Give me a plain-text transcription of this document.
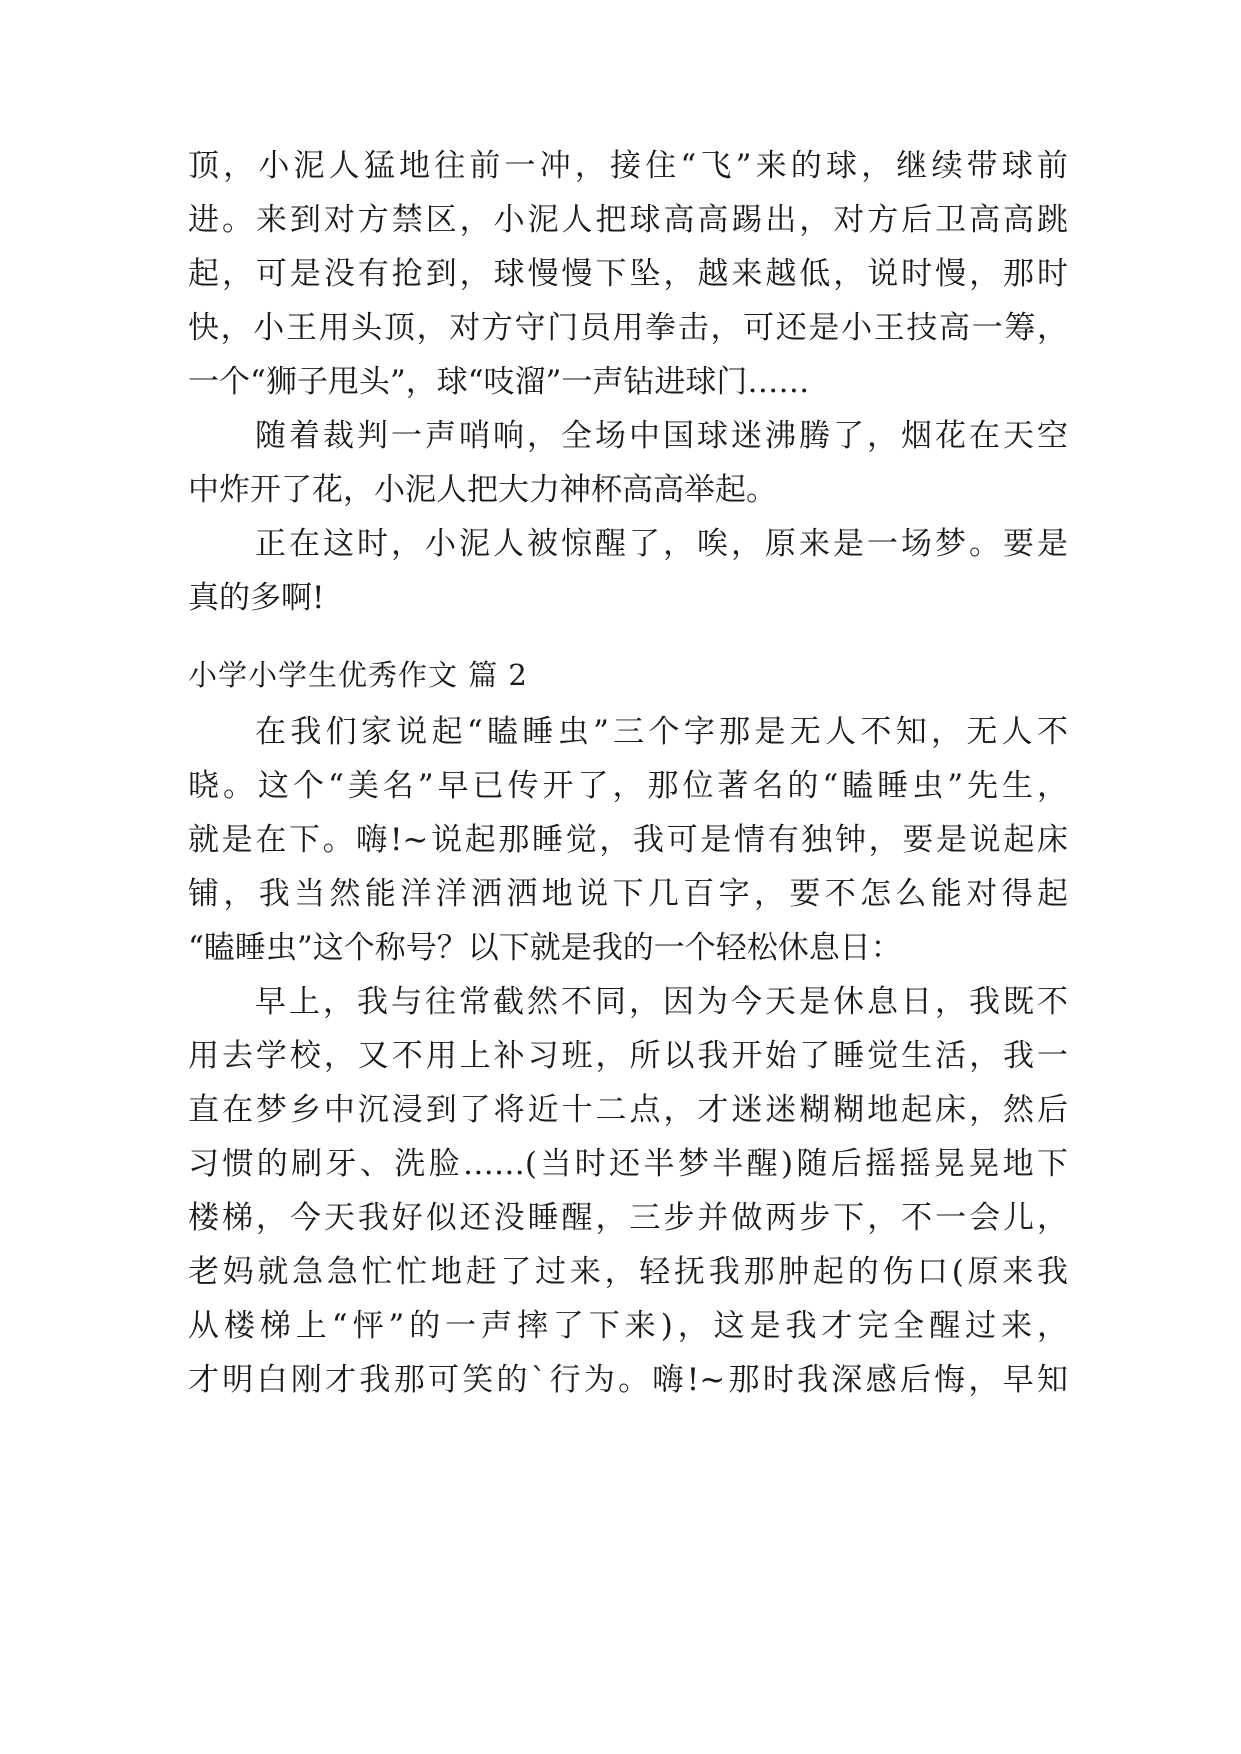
顶，小泥人猛地往前一冲，接住“飞”来的球，继续带球前
进。来到对方禁区，小泥人把球高高踢出，对方后卫高高跳
起，可是没有抢到，球慢慢下坠，越来越低，说时慢，那时
快，小王用头顶，对方守门员用拳击，可还是小王技高一筹，
一个“狮子甩头”，球“吱溜”一声钻进球门……
随着裁判一声哨响，全场中国球迷沸腾了，烟花在天空
中炸开了花，小泥人把大力神杯高高举起。
正在这时，小泥人被惊醒了，唉，原来是一场梦。要是
真的多啊!
小学小学生优秀作文 篇 2
在我们家说起“瞌睡虫”三个字那是无人不知，无人不
晓。这个“美名”早已传开了，那位著名的“瞌睡虫”先生，
就是在下。嗨!~说起那睡觉，我可是情有独钟，要是说起床
铺，我当然能洋洋洒洒地说下几百字，要不怎么能对得起
“瞌睡虫”这个称号？以下就是我的一个轻松休息日：
早上，我与往常截然不同，因为今天是休息日，我既不
用去学校，又不用上补习班，所以我开始了睡觉生活，我一
直在梦乡中沉浸到了将近十二点，才迷迷糊糊地起床，然后
习惯的刷牙、洗脸……(当时还半梦半醒)随后摇摇晃晃地下
楼梯，今天我好似还没睡醒，三步并做两步下，不一会儿，
老妈就急急忙忙地赶了过来，轻抚我那肿起的伤口(原来我
从楼梯上“怦”的一声摔了下来)，这是我才完全醒过来，
才明白刚才我那可笑的`行为。嗨!~那时我深感后悔，早知
